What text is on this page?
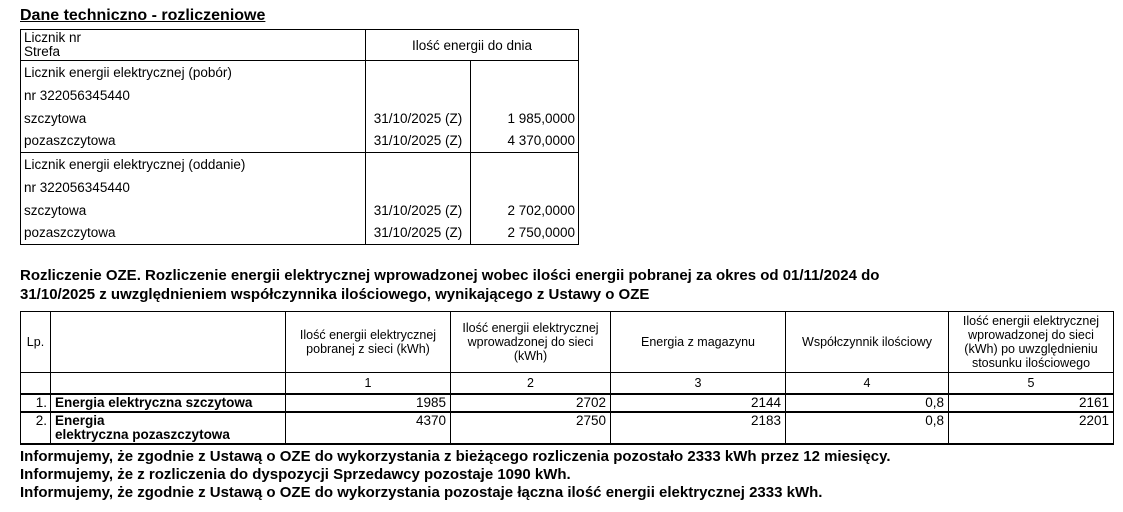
Dane techniczno - rozliczeniowe
Licznik nr
Strefa	Ilość energii do dnia	
Licznik energii elektrycznej (pobór)		
nr 322056345440		
szczytowa	31/10/2025 (Z)	1 985,0000
pozaszczytowa	31/10/2025 (Z)	4 370,0000
Licznik energii elektrycznej (oddanie)		
nr 322056345440		
szczytowa	31/10/2025 (Z)	2 702,0000
pozaszczytowa	31/10/2025 (Z)	2 750,0000
Rozliczenie OZE. Rozliczenie energii elektrycznej wprowadzonej wobec ilości energii pobranej za okres od 01/11/2024 do
31/10/2025 z uwzględnieniem współczynnika ilościowego, wynikającego z Ustawy o OZE
Lp.		Ilość energii elektrycznej pobranej z sieci (kWh)	Ilość energii elektrycznej wprowadzonej do sieci (kWh)	Energia z magazynu	Współczynnik ilościowy	Ilość energii elektrycznej wprowadzonej do sieci (kWh) po uwzględnieniu stosunku ilościowego
		1	2	3	4	5
1.	Energia elektryczna szczytowa	1985	2702	2144	0,8	2161
2.	Energia
elektryczna pozaszczytowa	4370	2750	2183	0,8	2201

Informujemy, że zgodnie z Ustawą o OZE do wykorzystania z bieżącego rozliczenia pozostało 2333 kWh przez 12 miesięcy.

Informujemy, że z rozliczenia do dyspozycji Sprzedawcy pozostaje 1090 kWh.

Informujemy, że zgodnie z Ustawą o OZE do wykorzystania pozostaje łączna ilość energii elektrycznej 2333 kWh.
